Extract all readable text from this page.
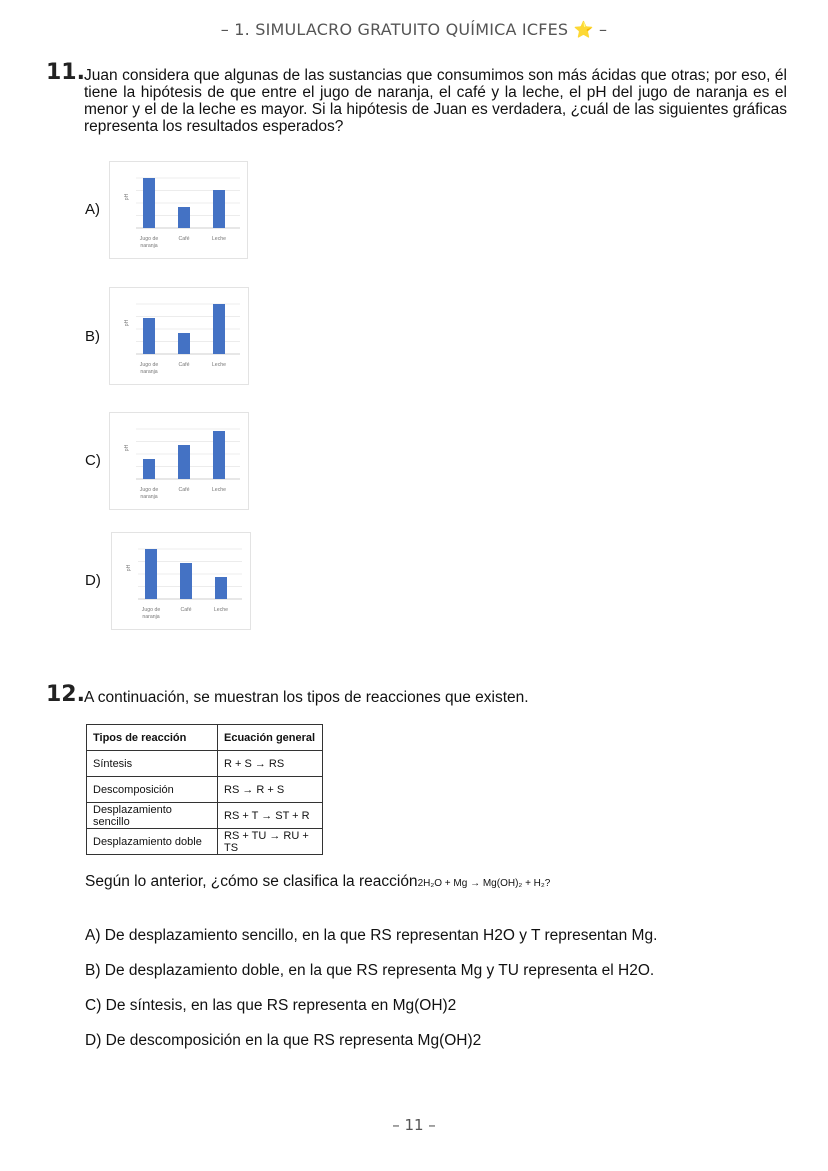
– 1. SIMULACRO GRATUITO QUÍMICA ICFES ⭐ –
11. Juan considera que algunas de las sustancias que consumimos son más ácidas que otras; por eso, él tiene la hipótesis de que entre el jugo de naranja, el café y la leche, el pH del jugo de naranja es el menor y el de la leche es mayor. Si la hipótesis de Juan es verdadera, ¿cuál de las siguientes gráficas representa los resultados esperados?
A)
pH
Jugo de
naranja
Café	Leche
B)
pH
Jugo de
naranja
Café	Leche
C)
pH
Jugo de
naranja
Café	Leche
D)
pH
Jugo de
naranja
Café	Leche
12. A continuación, se muestran los tipos de reacciones que existen.
Tipos de reacción	Ecuación general
Síntesis	R + S → RS
Descomposición	RS → R + S
Desplazamiento sencillo	RS + T → ST + R
Desplazamiento doble	RS + TU → RU + TS
Según lo anterior, ¿cómo se clasifica la reacción2H₂O + Mg → Mg(OH)₂ + H₂?
A) De desplazamiento sencillo, en la que RS representan H2O y T representan Mg.
B) De desplazamiento doble, en la que RS representa Mg y TU representa el H2O.
C) De síntesis, en las que RS representa en Mg(OH)2
D) De descomposición en la que RS representa Mg(OH)2
– 11 –
